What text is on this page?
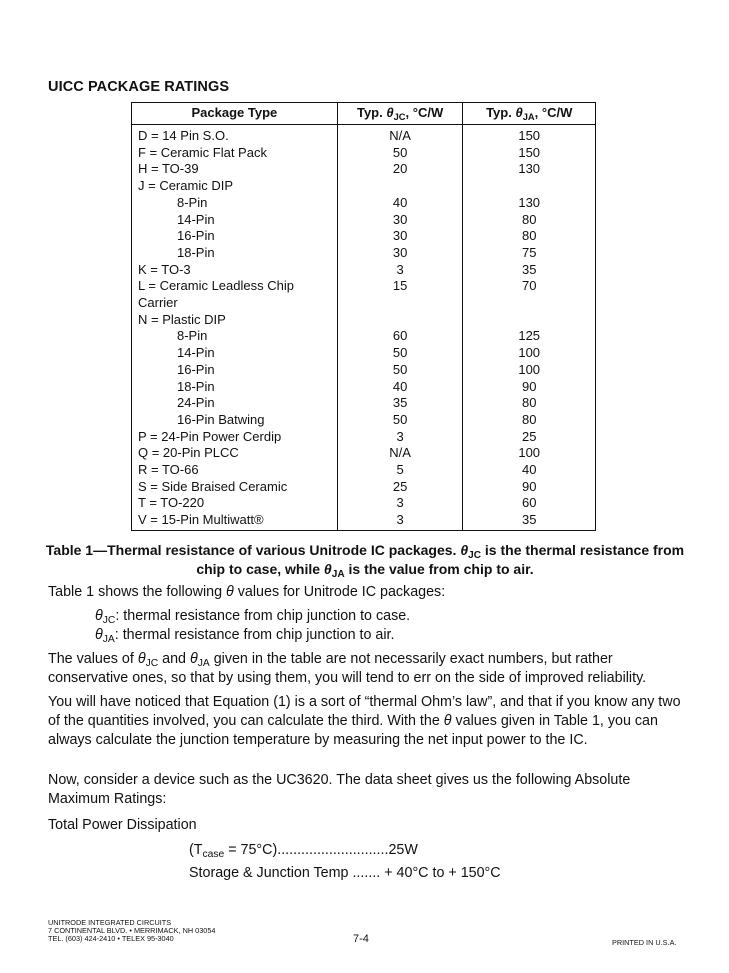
UICC PACKAGE RATINGS
Package Type	Typ. $\theta_{JC}$, °C/W	Typ. $\theta_{JA}$, °C/W
D = 14 Pin S.O.	N/A	150
F = Ceramic Flat Pack	50	150
H = TO-39	20	130
J = Ceramic DIP		
8-Pin	40	130
14-Pin	30	80
16-Pin	30	80
18-Pin	30	75
K = TO-3	3	35
L = Ceramic Leadless Chip	15	70
Carrier		
N = Plastic DIP		
8-Pin	60	125
14-Pin	50	100
16-Pin	50	100
18-Pin	40	90
24-Pin	35	80
16-Pin Batwing	50	80
P = 24-Pin Power Cerdip	3	25
Q = 20-Pin PLCC	N/A	100
R = TO-66	5	40
S = Side Braised Ceramic	25	90
T = TO-220	3	60
V = 15-Pin Multiwatt®	3	35
Table 1—Thermal resistance of various Unitrode IC packages. $\theta_{JC}$ is the thermal resistance from chip to case, while $\theta_{JA}$ is the value from chip to air.
Table 1 shows the following θ values for Unitrode IC packages:
$\theta_{JC}$: thermal resistance from chip junction to case.
$\theta_{JA}$: thermal resistance from chip junction to air.
The values of $\theta_{JC}$ and $\theta_{JA}$ given in the table are not necessarily exact numbers, but rather conservative ones, so that by using them, you will tend to err on the side of improved reliability.
You will have noticed that Equation (1) is a sort of “thermal Ohm’s law”, and that if you know any two of the quantities involved, you can calculate the third. With the θ values given in Table 1, you can always calculate the junction temperature by measuring the net input power to the IC.
Now, consider a device such as the UC3620. The data sheet gives us the following Absolute Maximum Ratings:
Total Power Dissipation
$(T_{case} = 75^\circ C)............................25W$
Storage & Junction Temp ....... + 40°C to + 150°C
UNITRODE INTEGRATED CIRCUITS
7 CONTINENTAL BLVD. • MERRIMACK, NH 03054
TEL. (603) 424-2410 • TELEX 95-3040	7-4	PRINTED IN U.S.A.
